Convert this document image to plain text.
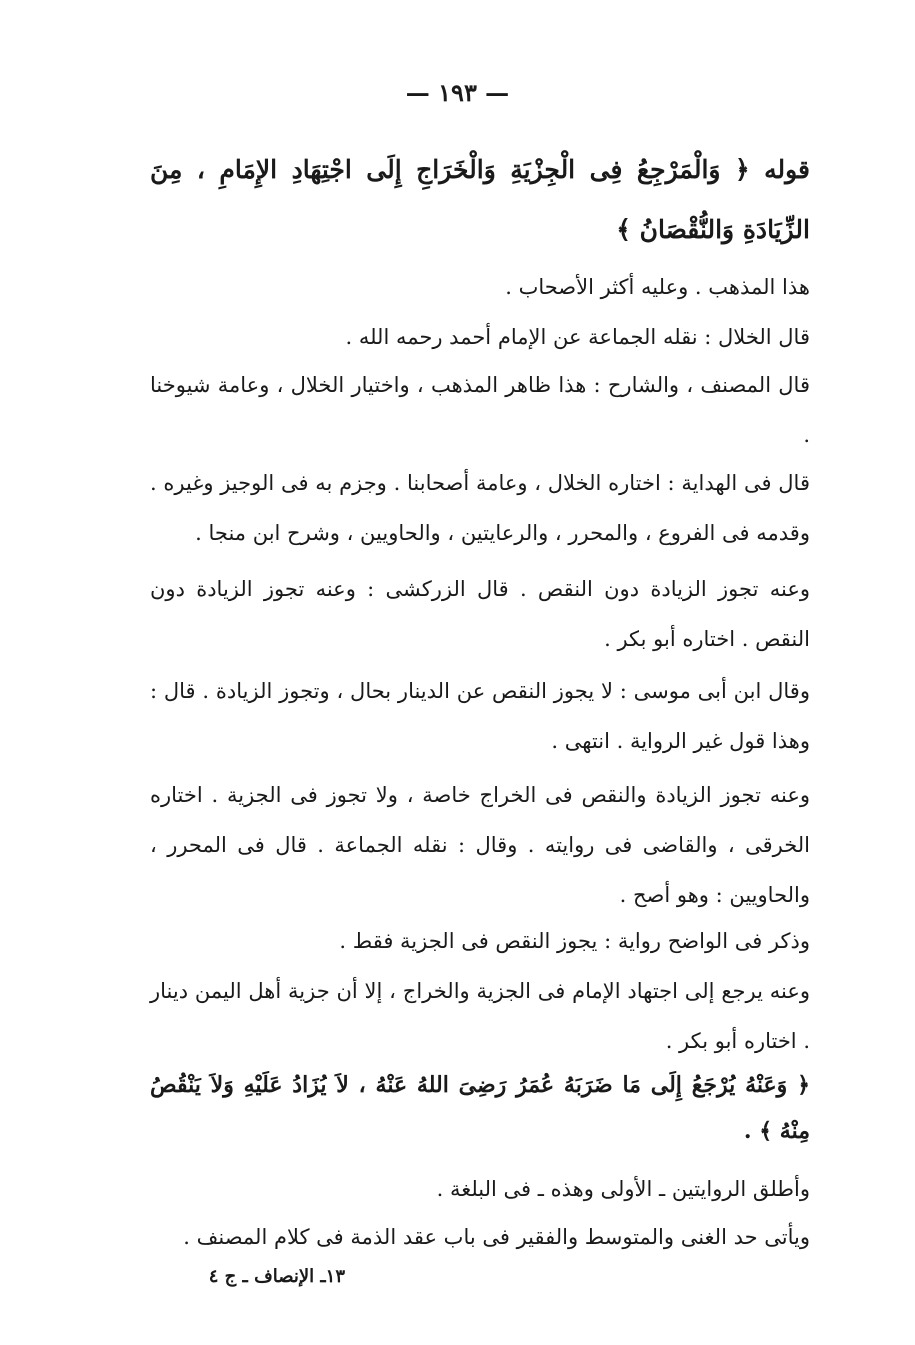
— ١٩٣ —
قوله ﴿ وَالْمَرْجِعُ فِى الْجِزْيَةِ وَالْخَرَاجِ إِلَى اجْتِهَادِ الإِمَامِ ، مِنَ الزِّيَادَةِ وَالنُّقْصَانُ ﴾
هذا المذهب . وعليه أكثر الأصحاب .
قال الخلال : نقله الجماعة عن الإمام أحمد رحمه الله .
قال المصنف ، والشارح : هذا ظاهر المذهب ، واختيار الخلال ، وعامة شيوخنا .
قال فى الهداية : اختاره الخلال ، وعامة أصحابنا . وجزم به فى الوجيز وغيره . وقدمه فى الفروع ، والمحرر ، والرعايتين ، والحاويين ، وشرح ابن منجا .
وعنه تجوز الزيادة دون النقص . قال الزركشى : وعنه تجوز الزيادة دون النقص . اختاره أبو بكر .
وقال ابن أبى موسى : لا يجوز النقص عن الدينار بحال ، وتجوز الزيادة . قال : وهذا قول غير الرواية . انتهى .
وعنه تجوز الزيادة والنقص فى الخراج خاصة ، ولا تجوز فى الجزية . اختاره الخرقى ، والقاضى فى روايته . وقال : نقله الجماعة . قال فى المحرر ، والحاويين : وهو أصح .
وذكر فى الواضح رواية : يجوز النقص فى الجزية فقط .
وعنه يرجع إلى اجتهاد الإمام فى الجزية والخراج ، إلا أن جزية أهل اليمن دينار . اختاره أبو بكر .
﴿ وَعَنْهُ يُرْجَعُ إِلَى مَا ضَرَبَهُ عُمَرُ رَضِىَ اللهُ عَنْهُ ، لاَ يُزَادُ عَلَيْهِ وَلاَ يَنْقُصُ مِنْهُ ﴾ .
وأطلق الروايتين ـ الأولى وهذه ـ فى البلغة .
ويأتى حد الغنى والمتوسط والفقير فى باب عقد الذمة فى كلام المصنف .
١٣ـ الإنصاف ـ ج ٤
